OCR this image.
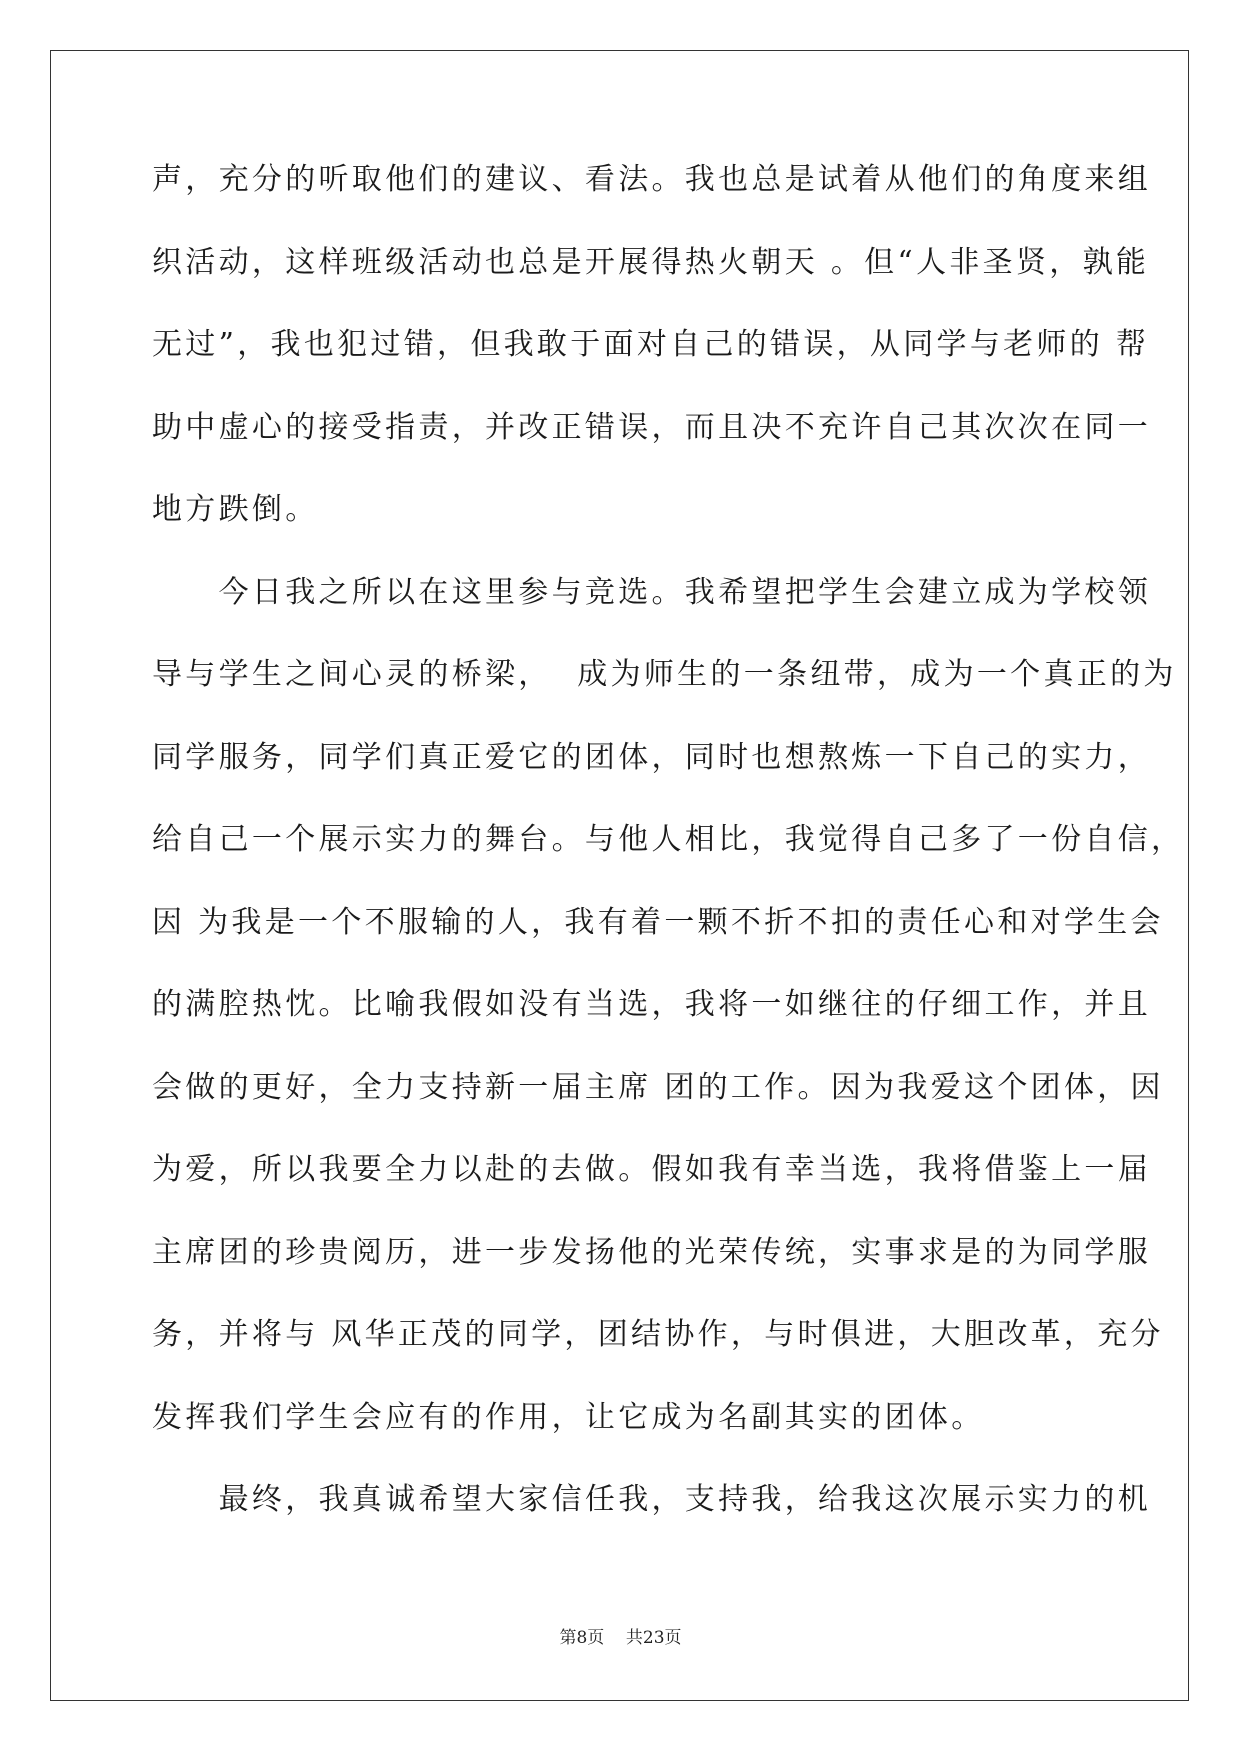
声，充分的听取他们的建议、看法。我也总是试着从他们的角度来组
织活动，这样班级活动也总是开展得热火朝天 。但“人非圣贤，孰能
无过”，我也犯过错，但我敢于面对自己的错误，从同学与老师的 帮
助中虚心的接受指责，并改正错误，而且决不充许自己其次次在同一
地方跌倒。
　　今日我之所以在这里参与竞选。我希望把学生会建立成为学校领
导与学生之间心灵的桥梁，  成为师生的一条纽带，成为一个真正的为
同学服务，同学们真正爱它的团体，同时也想熬炼一下自己的实力，
给自己一个展示实力的舞台。与他人相比，我觉得自己多了一份自信，
因 为我是一个不服输的人，我有着一颗不折不扣的责任心和对学生会
的满腔热忱。比喻我假如没有当选，我将一如继往的仔细工作，并且
会做的更好，全力支持新一届主席 团的工作。因为我爱这个团体，因
为爱，所以我要全力以赴的去做。假如我有幸当选，我将借鉴上一届
主席团的珍贵阅历，进一步发扬他的光荣传统，实事求是的为同学服
务，并将与 风华正茂的同学，团结协作，与时俱进，大胆改革，充分
发挥我们学生会应有的作用，让它成为名副其实的团体。
　　最终，我真诚希望大家信任我，支持我，给我这次展示实力的机
第8页 共23页
